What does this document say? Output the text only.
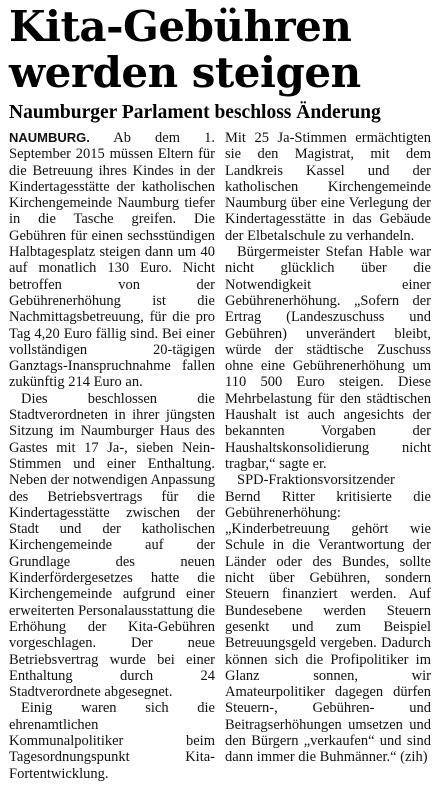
Kita-Gebühren
werden steigen
Naumburger Parlament beschloss Änderung

NAUMBURG. Ab dem 1. September 2015 müssen Eltern für die Betreuung ihres Kindes in der Kindertagesstätte der katholischen Kirchengemeinde Naumburg tiefer in die Tasche greifen. Die Gebühren für einen sechsstündigen Halbtagesplatz steigen dann um 40 auf monatlich 130 Euro. Nicht betroffen von der Gebührenerhöhung ist die Nachmittagsbetreuung, für die pro Tag 4,20 Euro fällig sind. Bei einer vollständigen 20-tägigen Ganztags-Inanspruchnahme fallen zukünftig 214 Euro an.

Dies beschlossen die Stadtverordneten in ihrer jüngsten Sitzung im Naumburger Haus des Gastes mit 17 Ja-, sieben Nein-Stimmen und einer Enthaltung. Neben der notwendigen Anpassung des Betriebsvertrags für die Kindertagesstätte zwischen der Stadt und der katholischen Kirchengemeinde auf der Grundlage des neuen Kinderfördergesetzes hatte die Kirchengemeinde aufgrund einer erweiterten Personalausstattung die Erhöhung der Kita-Gebühren vorgeschlagen. Der neue Betriebsvertrag wurde bei einer Enthaltung durch 24 Stadtverordnete abgesegnet.

Einig waren sich die ehrenamtlichen Kommunalpolitiker beim Tagesordnungspunkt Kita-Fortentwicklung.

Mit 25 Ja-Stimmen ermächtigten sie den Magistrat, mit dem Landkreis Kassel und der katholischen Kirchengemeinde Naumburg über eine Verlegung der Kindertagesstätte in das Gebäude der Elbetalschule zu verhandeln.

Bürgermeister Stefan Hable war nicht glücklich über die Notwendigkeit einer Gebührenerhöhung. „Sofern der Ertrag (Landeszuschuss und Gebühren) unverändert bleibt, würde der städtische Zuschuss ohne eine Gebührenerhöhung um 110 500 Euro steigen. Diese Mehrbelastung für den städtischen Haushalt ist auch angesichts der bekannten Vorgaben der Haushaltskonsolidierung nicht tragbar,“ sagte er.

SPD-Fraktionsvorsitzender Bernd Ritter kritisierte die Gebührenerhöhung: „Kinderbetreuung gehört wie Schule in die Verantwortung der Länder oder des Bundes, sollte nicht über Gebühren, sondern Steuern finanziert werden. Auf Bundesebene werden Steuern gesenkt und zum Beispiel Betreuungsgeld vergeben. Dadurch können sich die Profipolitiker im Glanz sonnen, wir Amateurpolitiker dagegen dürfen Steuern-, Gebühren- und Beitragserhöhungen umsetzen und den Bürgern „verkaufen“ und sind dann immer die Buhmänner.“ (zih)
